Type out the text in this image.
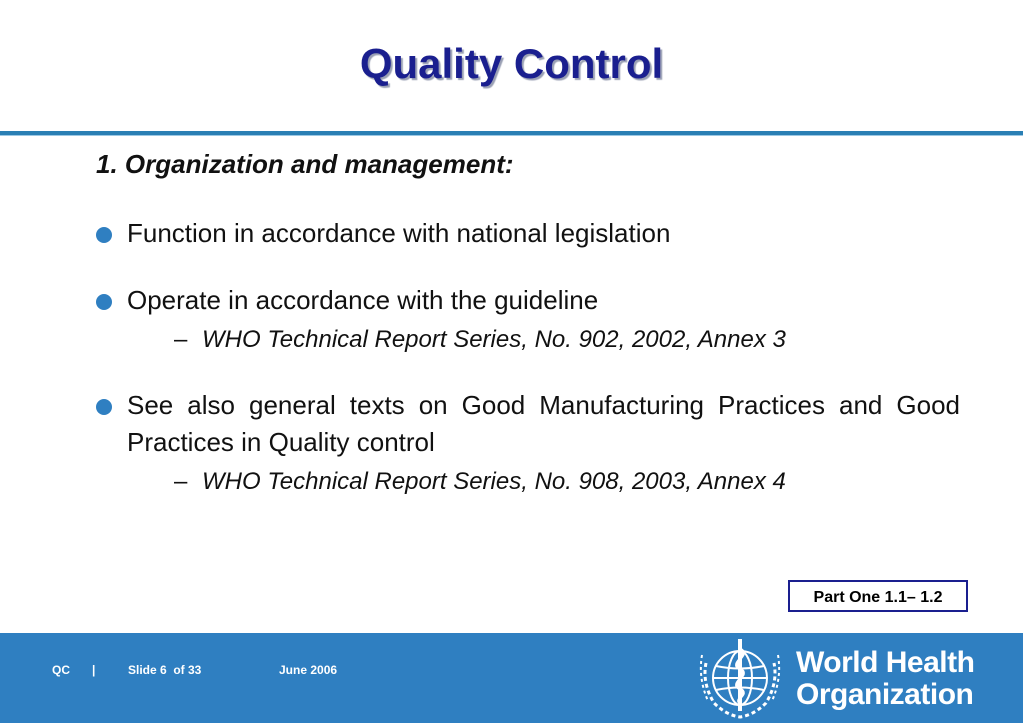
Quality Control

1. Organization and management:

Function in accordance with national legislation
Operate in accordance with the guideline
– WHO Technical Report Series, No. 902, 2002, Annex 3
See also general texts on Good Manufacturing Practices and Good Practices in Quality control
– WHO Technical Report Series, No. 908, 2003, Annex 4
Part One 1.1– 1.2
QC |	Slide 6  of 33	June 2006	World Health
Organization
